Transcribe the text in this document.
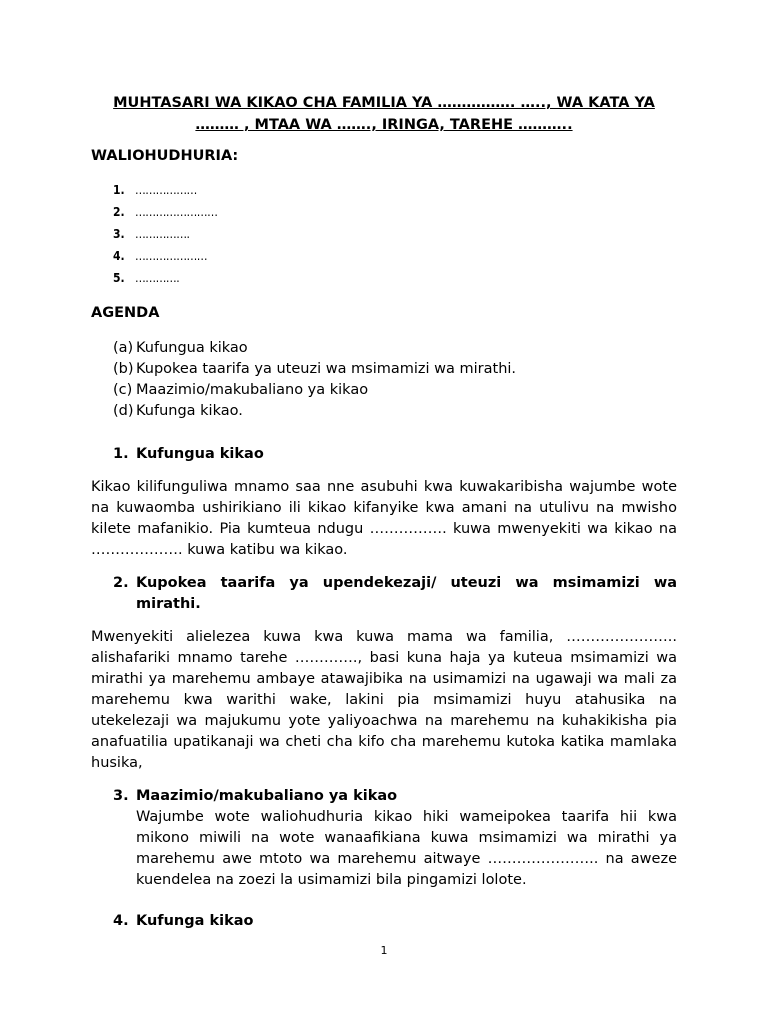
MUHTASARI WA KIKAO CHA FAMILIA YA ……………. ….., WA KATA YA
……… , MTAA WA ……., IRINGA, TAREHE ………..

WALIOHUDHURIA:

1. ………………
2. ……………………
3. …………….
4. …………………
5. ………….

AGENDA

(a) Kufungua kikao
(b) Kupokea taarifa ya uteuzi wa msimamizi wa mirathi.
(c) Maazimio/makubaliano ya kikao
(d) Kufunga kikao.
1. Kufungua kikao

Kikao kilifunguliwa mnamo saa nne asubuhi kwa kuwakaribisha wajumbe wote na kuwaomba ushirikiano ili kikao kifanyike kwa amani na utulivu na mwisho kilete mafanikio. Pia kumteua ndugu ……………. kuwa mwenyekiti wa kikao na ………………. kuwa katibu wa kikao.

2. Kupokea taarifa ya upendekezaji/ uteuzi wa msimamizi wa mirathi.

Mwenyekiti alielezea kuwa kwa kuwa mama wa familia, ………………….. alishafariki mnamo tarehe …………., basi kuna haja ya kuteua msimamizi wa mirathi ya marehemu ambaye atawajibika na usimamizi na ugawaji wa mali za marehemu kwa warithi wake, lakini pia msimamizi huyu atahusika na utekelezaji wa majukumu yote yaliyoachwa na marehemu na kuhakikisha pia anafuatilia upatikanaji wa cheti cha kifo cha marehemu kutoka katika mamlaka husika,

3. Maazimio/makubaliano ya kikao

Wajumbe wote waliohudhuria kikao hiki wameipokea taarifa hii kwa mikono miwili na wote wanaafikiana kuwa msimamizi wa mirathi ya marehemu awe mtoto wa marehemu aitwaye ………………….. na aweze kuendelea na zoezi la usimamizi bila pingamizi lolote.

4. Kufunga kikao
1
